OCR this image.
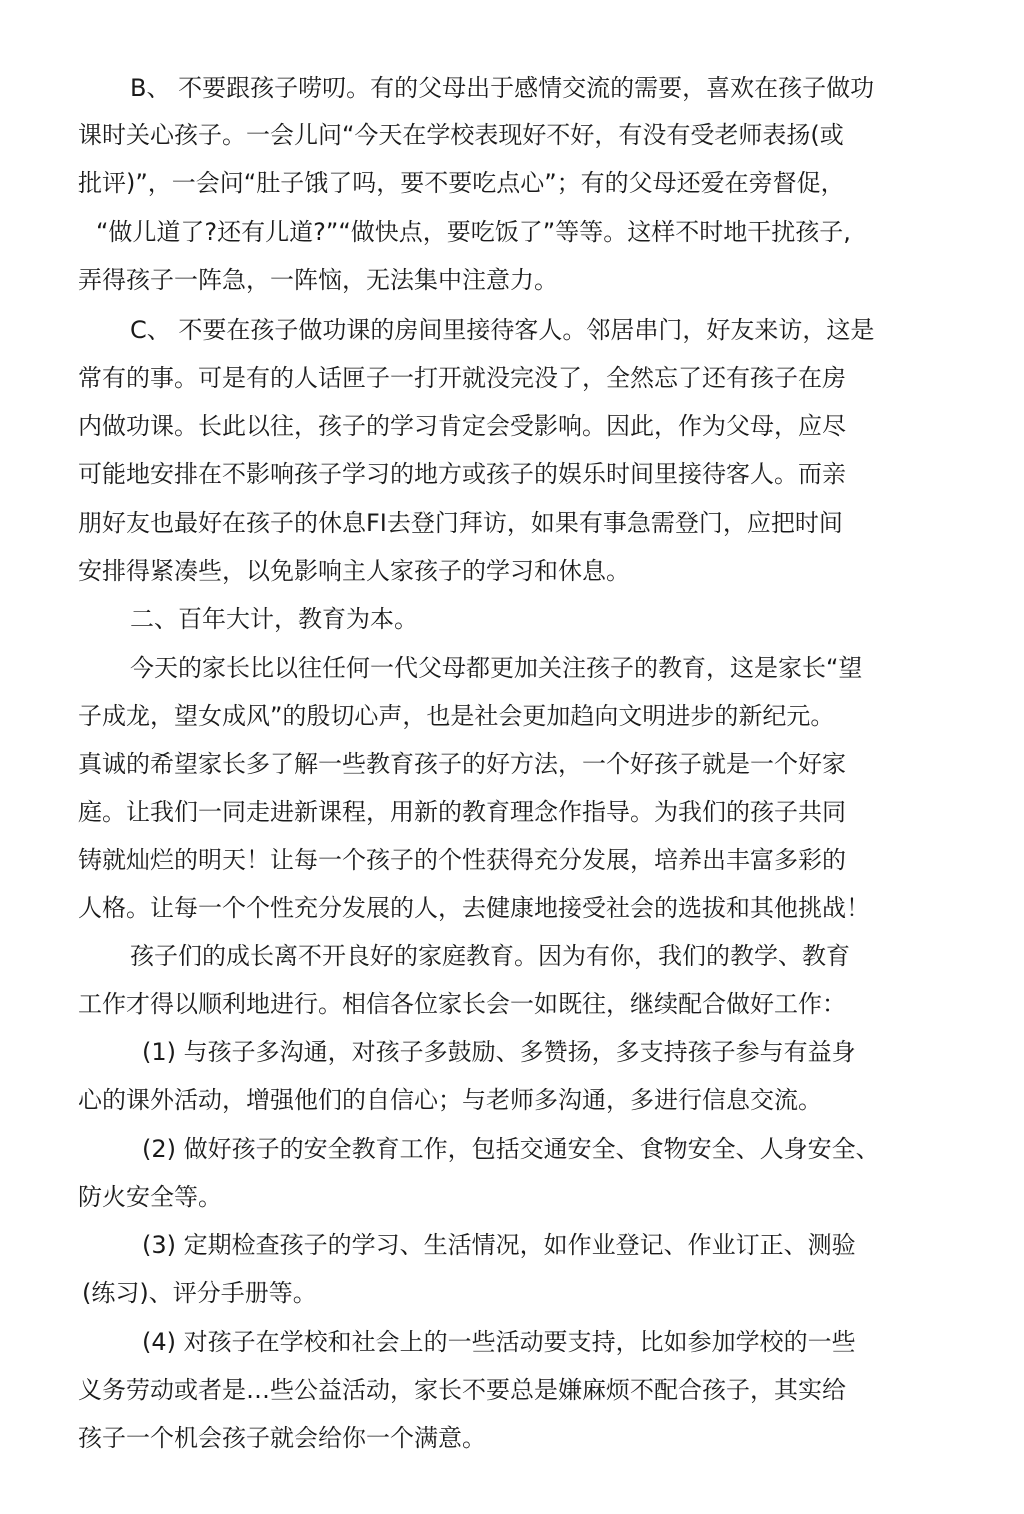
B、 不要跟孩子唠叨。有的父母出于感情交流的需要，喜欢在孩子做功
课时关心孩子。一会儿问“今天在学校表现好不好，有没有受老师表扬(或
批评)”，一会问“肚子饿了吗，要不要吃点心”；有的父母还爱在旁督促，
“做儿道了?还有儿道?”“做快点，要吃饭了”等等。这样不时地干扰孩子,
弄得孩子一阵急，一阵恼，无法集中注意力。
C、 不要在孩子做功课的房间里接待客人。邻居串门，好友来访，这是
常有的事。可是有的人话匣子一打开就没完没了，全然忘了还有孩子在房
内做功课。长此以往，孩子的学习肯定会受影响。因此，作为父母，应尽
可能地安排在不影响孩子学习的地方或孩子的娱乐时间里接待客人。而亲
朋好友也最好在孩子的休息FI去登门拜访，如果有事急需登门，应把时间
安排得紧凑些，以免影响主人家孩子的学习和休息。
二、百年大计，教育为本。
今天的家长比以往任何一代父母都更加关注孩子的教育，这是家长“望
子成龙，望女成风”的殷切心声，也是社会更加趋向文明进步的新纪元。
真诚的希望家长多了解一些教育孩子的好方法，一个好孩子就是一个好家
庭。让我们一同走进新课程，用新的教育理念作指导。为我们的孩子共同
铸就灿烂的明天！让每一个孩子的个性获得充分发展，培养出丰富多彩的
人格。让每一个个性充分发展的人，去健康地接受社会的选拔和其他挑战！
孩子们的成长离不开良好的家庭教育。因为有你，我们的教学、教育
工作才得以顺利地进行。相信各位家长会一如既往，继续配合做好工作：
(1) 与孩子多沟通，对孩子多鼓励、多赞扬，多支持孩子参与有益身
心的课外活动，增强他们的自信心；与老师多沟通，多进行信息交流。
(2) 做好孩子的安全教育工作，包括交通安全、食物安全、人身安全、
防火安全等。
(3) 定期检查孩子的学习、生活情况，如作业登记、作业订正、测验
(练习)、评分手册等。
(4) 对孩子在学校和社会上的一些活动要支持，比如参加学校的一些
义务劳动或者是…些公益活动，家长不要总是嫌麻烦不配合孩子，其实给
孩子一个机会孩子就会给你一个满意。
